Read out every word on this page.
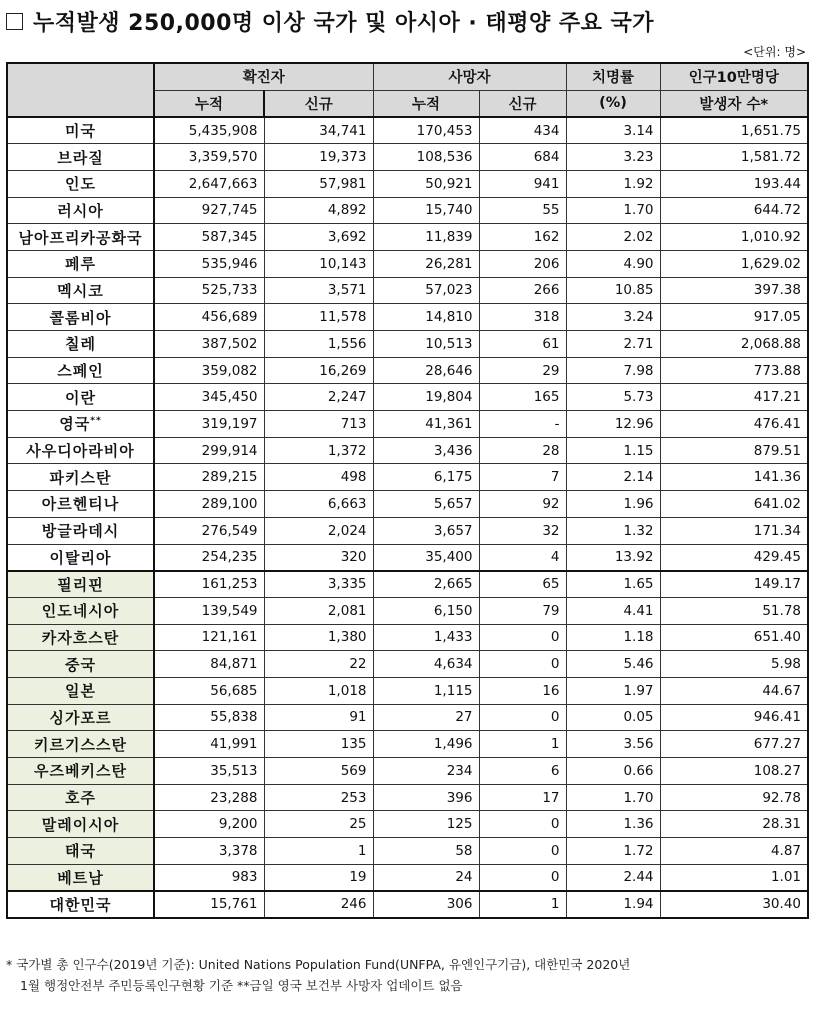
누적발생 250,000명 이상 국가 및 아시아 · 태평양 주요 국가
<단위: 명>
	확진자		사망자		치명률	인구10만명당
	누적	신규	누적	신규	(%)	발생자 수*
미국	5,435,908	34,741	170,453	434	3.14	1,651.75
브라질	3,359,570	19,373	108,536	684	3.23	1,581.72
인도	2,647,663	57,981	50,921	941	1.92	193.44
러시아	927,745	4,892	15,740	55	1.70	644.72
남아프리카공화국	587,345	3,692	11,839	162	2.02	1,010.92
페루	535,946	10,143	26,281	206	4.90	1,629.02
멕시코	525,733	3,571	57,023	266	10.85	397.38
콜롬비아	456,689	11,578	14,810	318	3.24	917.05
칠레	387,502	1,556	10,513	61	2.71	2,068.88
스페인	359,082	16,269	28,646	29	7.98	773.88
이란	345,450	2,247	19,804	165	5.73	417.21
영국**	319,197	713	41,361	-	12.96	476.41
사우디아라비아	299,914	1,372	3,436	28	1.15	879.51
파키스탄	289,215	498	6,175	7	2.14	141.36
아르헨티나	289,100	6,663	5,657	92	1.96	641.02
방글라데시	276,549	2,024	3,657	32	1.32	171.34
이탈리아	254,235	320	35,400	4	13.92	429.45
필리핀	161,253	3,335	2,665	65	1.65	149.17
인도네시아	139,549	2,081	6,150	79	4.41	51.78
카자흐스탄	121,161	1,380	1,433	0	1.18	651.40
중국	84,871	22	4,634	0	5.46	5.98
일본	56,685	1,018	1,115	16	1.97	44.67
싱가포르	55,838	91	27	0	0.05	946.41
키르기스스탄	41,991	135	1,496	1	3.56	677.27
우즈베키스탄	35,513	569	234	6	0.66	108.27
호주	23,288	253	396	17	1.70	92.78
말레이시아	9,200	25	125	0	1.36	28.31
태국	3,378	1	58	0	1.72	4.87
베트남	983	19	24	0	2.44	1.01
대한민국	15,761	246	306	1	1.94	30.40
* 국가별 총 인구수(2019년 기준): United Nations Population Fund(UNFPA, 유엔인구기금), 대한민국 2020년
1월 행정안전부 주민등록인구현황 기준 **금일 영국 보건부 사망자 업데이트 없음
